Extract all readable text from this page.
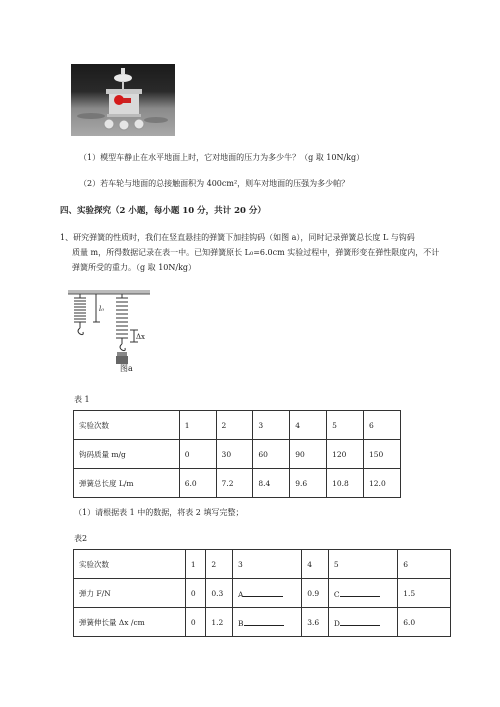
（1）模型车静止在水平地面上时，它对地面的压力为多少牛？（g 取 10N/kg）
（2）若车轮与地面的总接触面积为 400cm²，则车对地面的压强为多少帕？
四、实验探究（2 小题，每小题 10 分，共计 20 分）
1、研究弹簧的性质时，我们在竖直悬挂的弹簧下加挂钩码（如图 a），同时记录弹簧总长度 L 与钩码
质量 m，所得数据记录在表一中。已知弹簧原长 L₀=6.0cm 实验过程中，弹簧形变在弹性限度内，不计
弹簧所受的重力。（g 取 10N/kg）
l₀
Δx
图a
表 1
实验次数	1	2	3	4	5	6
钩码质量 m/g	0	30	60	90	120	150
弹簧总长度 L/m	6.0	7.2	8.4	9.6	10.8	12.0
（1）请根据表 1 中的数据，将表 2 填写完整；
表2
实验次数	1	2	3	4	5	6
弹力 F/N	0	0.3	A	0.9	C	1.5
弹簧伸长量 Δx /cm	0	1.2	B	3.6	D	6.0
